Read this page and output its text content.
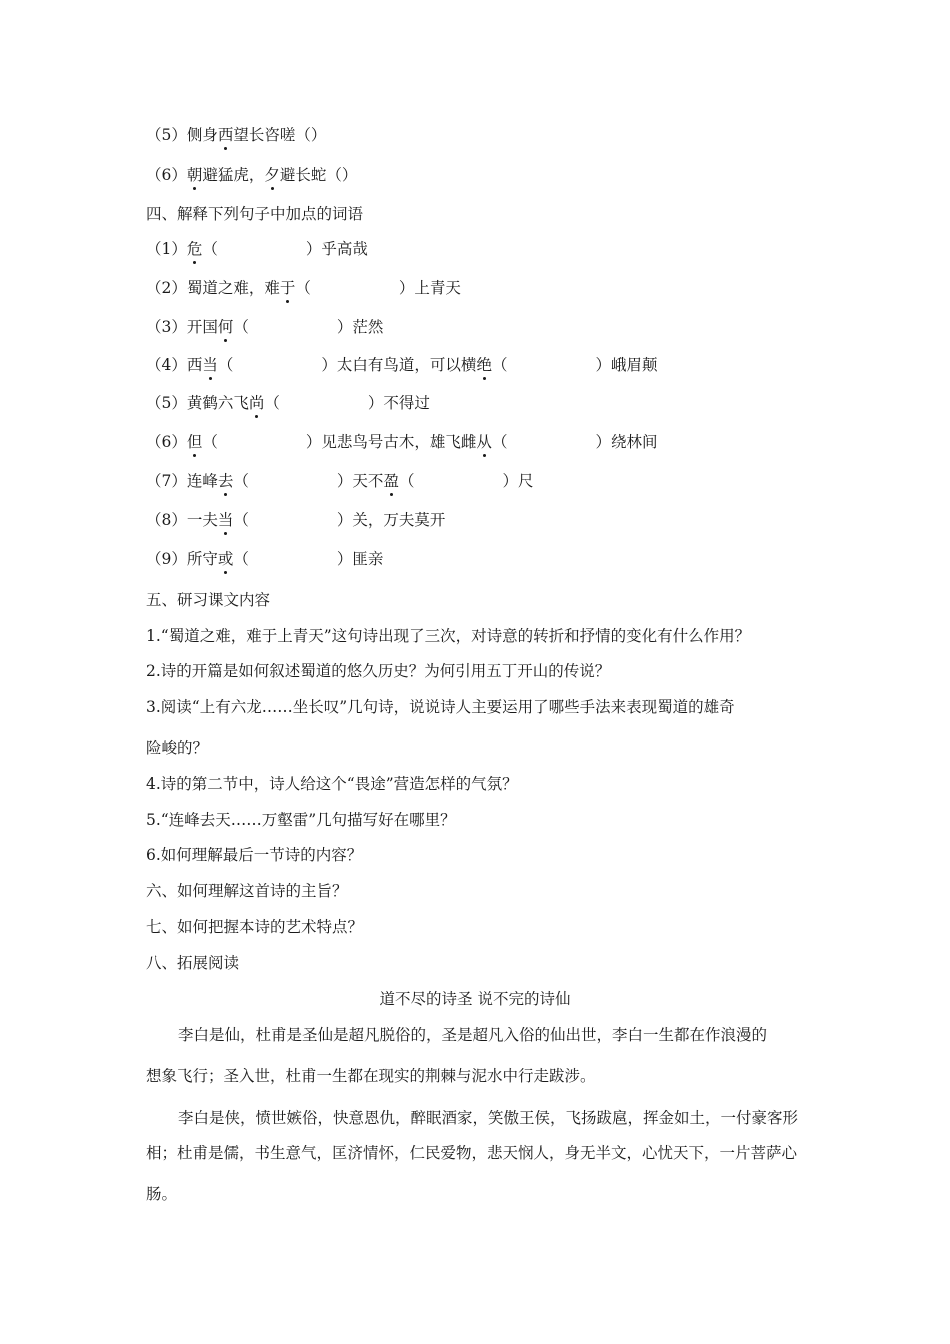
（5）侧身西望长咨嗟（）
（6）朝避猛虎，夕避长蛇（）
四、解释下列句子中加点的词语
（1）危（	）乎高哉
（2）蜀道之难，难于（	）上青天
（3）开国何（	）茫然
（4）西当（	）太白有鸟道，可以横绝（	）峨眉颠
（5）黄鹤六飞尚（	）不得过
（6）但（	）见悲鸟号古木，雄飞雌从（	）绕林间
（7）连峰去（	）天不盈（	）尺
（8）一夫当（	）关，万夫莫开
（9）所守或（	）匪亲
五、研习课文内容
1.“蜀道之难，难于上青天”这句诗出现了三次，对诗意的转折和抒情的变化有什么作用？
2.诗的开篇是如何叙述蜀道的悠久历史？为何引用五丁开山的传说？
3.阅读“上有六龙……坐长叹”几句诗，说说诗人主要运用了哪些手法来表现蜀道的雄奇
险峻的？
4.诗的第二节中，诗人给这个“畏途”营造怎样的气氛？
5.“连峰去天……万壑雷”几句描写好在哪里？
6.如何理解最后一节诗的内容？
六、如何理解这首诗的主旨？
七、如何把握本诗的艺术特点？
八、拓展阅读
道不尽的诗圣 说不完的诗仙
李白是仙，杜甫是圣仙是超凡脱俗的，圣是超凡入俗的仙出世，李白一生都在作浪漫的
想象飞行；圣入世，杜甫一生都在现实的荆棘与泥水中行走跋涉。
李白是侠，愤世嫉俗，快意恩仇，醉眠酒家，笑傲王侯，飞扬跋扈，挥金如土，一付豪客形
相；杜甫是儒，书生意气，匡济情怀，仁民爱物，悲天悯人，身无半文，心忧天下，一片菩萨心
肠。
